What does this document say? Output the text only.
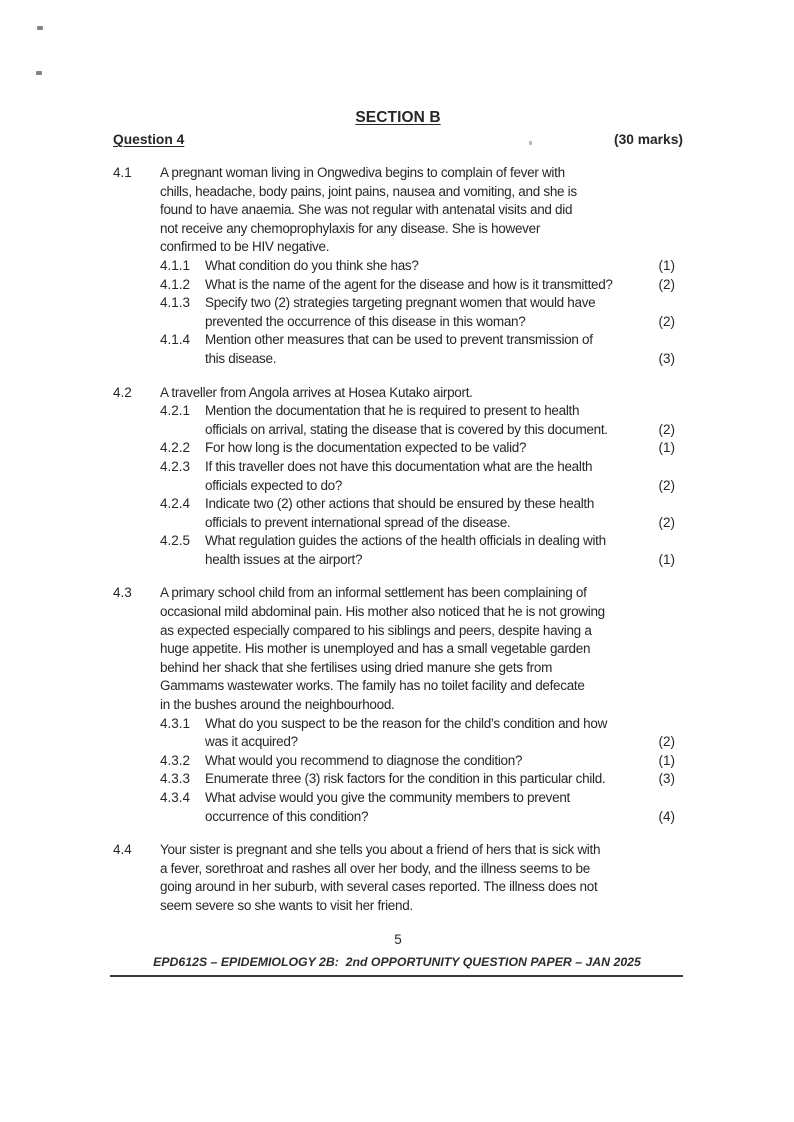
SECTION B
Question 4	(30 marks)
4.1	A pregnant woman living in Ongwediva begins to complain of fever with
chills, headache, body pains, joint pains, nausea and vomiting, and she is
found to have anaemia. She was not regular with antenatal visits and did
not receive any chemoprophylaxis for any disease. She is however
confirmed to be HIV negative.
4.1.1	What condition do you think she has?	(1)
4.1.2	What is the name of the agent for the disease and how is it transmitted?	(2)
4.1.3	Specify two (2) strategies targeting pregnant women that would have
prevented the occurrence of this disease in this woman?	(2)
4.1.4	Mention other measures that can be used to prevent transmission of
this disease.	(3)
4.2	A traveller from Angola arrives at Hosea Kutako airport.
4.2.1	Mention the documentation that he is required to present to health
officials on arrival, stating the disease that is covered by this document.	(2)
4.2.2	For how long is the documentation expected to be valid?	(1)
4.2.3	If this traveller does not have this documentation what are the health
officials expected to do?	(2)
4.2.4	Indicate two (2) other actions that should be ensured by these health
officials to prevent international spread of the disease.	(2)
4.2.5	What regulation guides the actions of the health officials in dealing with
health issues at the airport?	(1)
4.3	A primary school child from an informal settlement has been complaining of
occasional mild abdominal pain. His mother also noticed that he is not growing
as expected especially compared to his siblings and peers, despite having a
huge appetite. His mother is unemployed and has a small vegetable garden
behind her shack that she fertilises using dried manure she gets from
Gammams wastewater works. The family has no toilet facility and defecate
in the bushes around the neighbourhood.
4.3.1	What do you suspect to be the reason for the child’s condition and how
was it acquired?	(2)
4.3.2	What would you recommend to diagnose the condition?	(1)
4.3.3	Enumerate three (3) risk factors for the condition in this particular child.	(3)
4.3.4	What advise would you give the community members to prevent
occurrence of this condition?	(4)
4.4	Your sister is pregnant and she tells you about a friend of hers that is sick with
a fever, sorethroat and rashes all over her body, and the illness seems to be
going around in her suburb, with several cases reported. The illness does not
seem severe so she wants to visit her friend.
5
EPD612S – EPIDEMIOLOGY 2B:  2nd OPPORTUNITY QUESTION PAPER – JAN 2025
